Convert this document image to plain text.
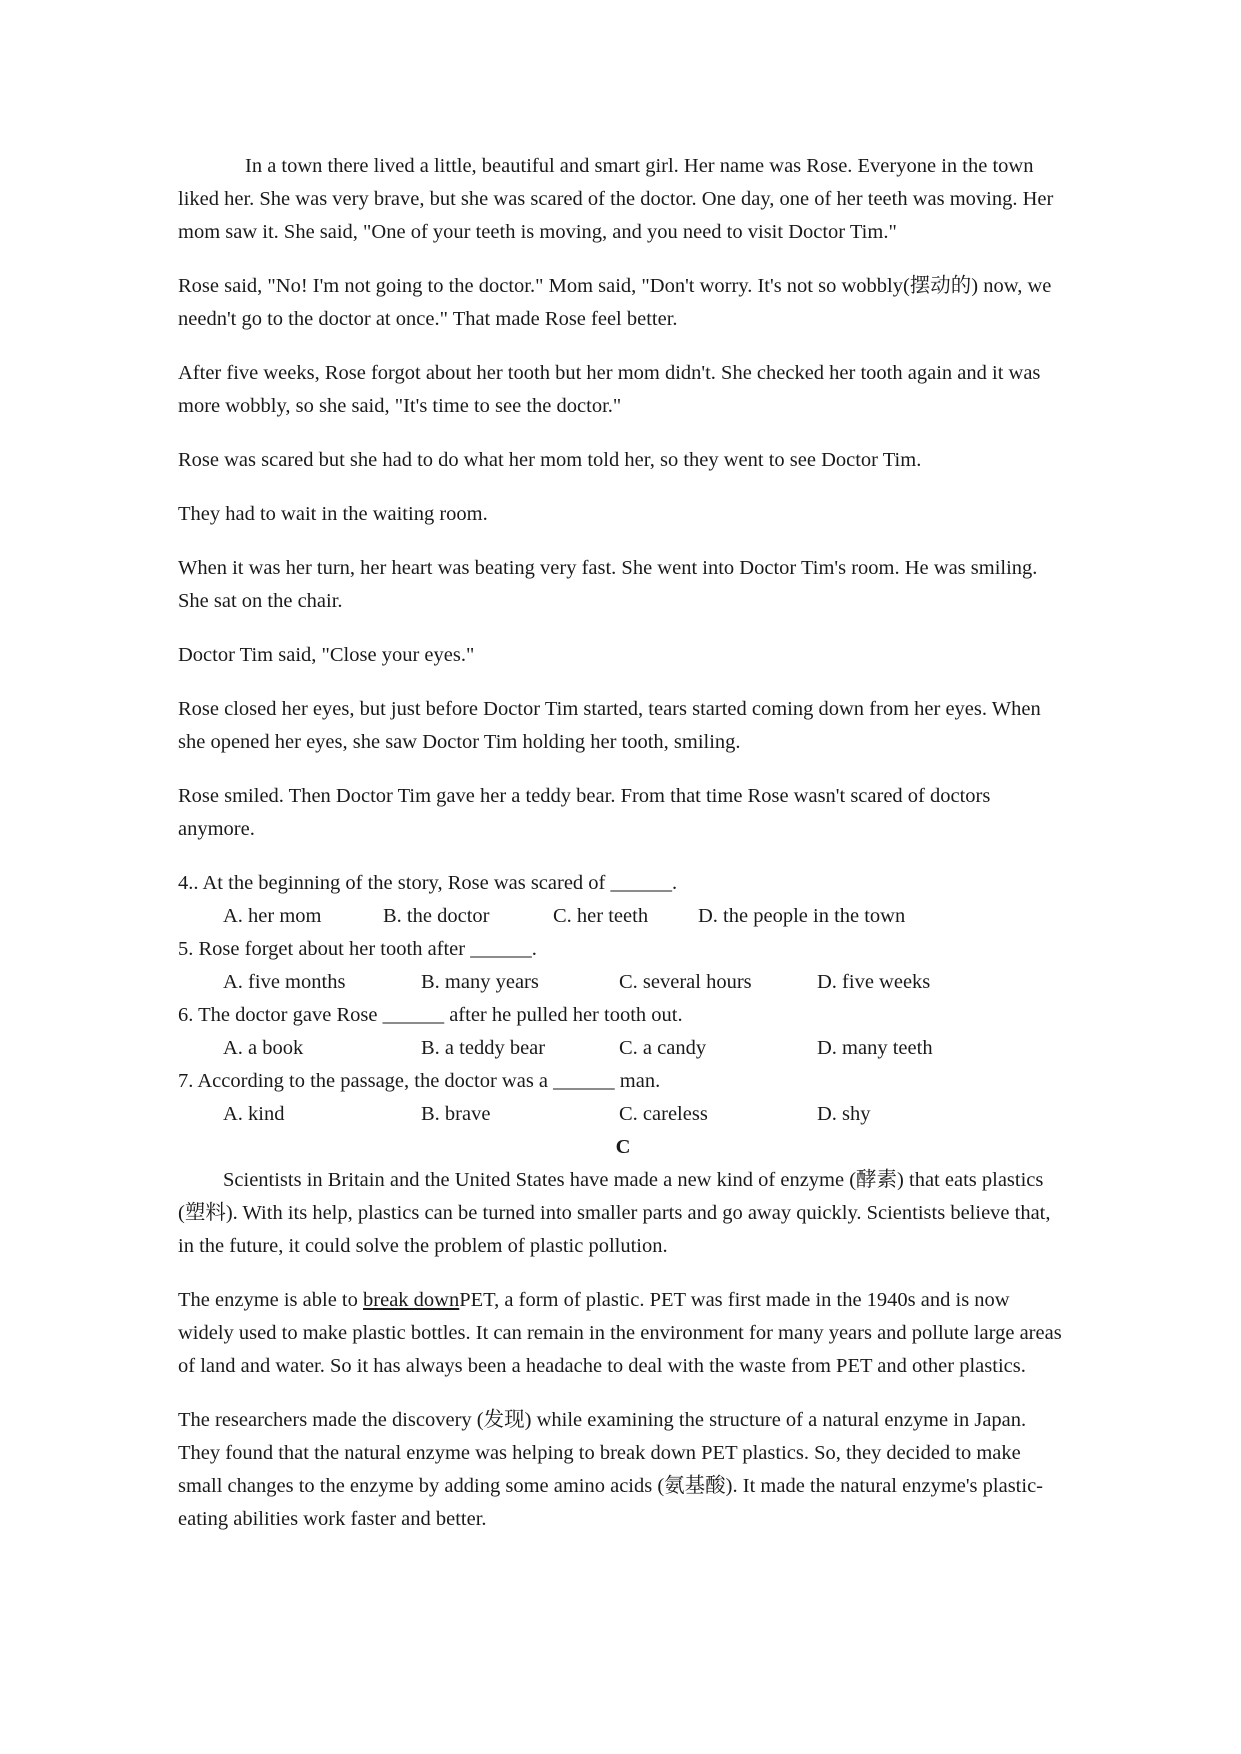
In a town there lived a little, beautiful and smart girl. Her name was Rose. Everyone in the town liked her. She was very brave, but she was scared of the doctor. One day, one of her teeth was moving. Her mom saw it. She said, "One of your teeth is moving, and you need to visit Doctor Tim."

Rose said, "No! I'm not going to the doctor." Mom said, "Don't worry. It's not so wobbly(摆动的) now, we needn't go to the doctor at once." That made Rose feel better.

After five weeks, Rose forgot about her tooth but her mom didn't. She checked her tooth again and it was more wobbly, so she said, "It's time to see the doctor."

Rose was scared but she had to do what her mom told her, so they went to see Doctor Tim.

They had to wait in the waiting room.

When it was her turn, her heart was beating very fast. She went into Doctor Tim's room. He was smiling. She sat on the chair.

Doctor Tim said, "Close your eyes."

Rose closed her eyes, but just before Doctor Tim started, tears started coming down from her eyes. When she opened her eyes, she saw Doctor Tim holding her tooth, smiling.

Rose smiled. Then Doctor Tim gave her a teddy bear. From that time Rose wasn't scared of doctors anymore.

4.. At the beginning of the story, Rose was scared of ______.

A. her mom	B. the doctor	C. her teeth	D. the people in the town

5. Rose forget about her tooth after ______.

A. five months	B. many years	C. several hours	D. five weeks

6. The doctor gave Rose ______ after he pulled her tooth out.

A. a book	B. a teddy bear	C. a candy	D. many teeth

7. According to the passage, the doctor was a ______ man.

A. kind	B. brave	C. careless	D. shy

C

Scientists in Britain and the United States have made a new kind of enzyme (酵素) that eats plastics (塑料). With its help, plastics can be turned into smaller parts and go away quickly. Scientists believe that, in the future, it could solve the problem of plastic pollution.

The enzyme is able to break downPET, a form of plastic. PET was first made in the 1940s and is now widely used to make plastic bottles. It can remain in the environment for many years and pollute large areas of land and water. So it has always been a headache to deal with the waste from PET and other plastics.

The researchers made the discovery (发现) while examining the structure of a natural enzyme in Japan. They found that the natural enzyme was helping to break down PET plastics. So, they decided to make small changes to the enzyme by adding some amino acids (氨基酸). It made the natural enzyme's plastic-eating abilities work faster and better.
